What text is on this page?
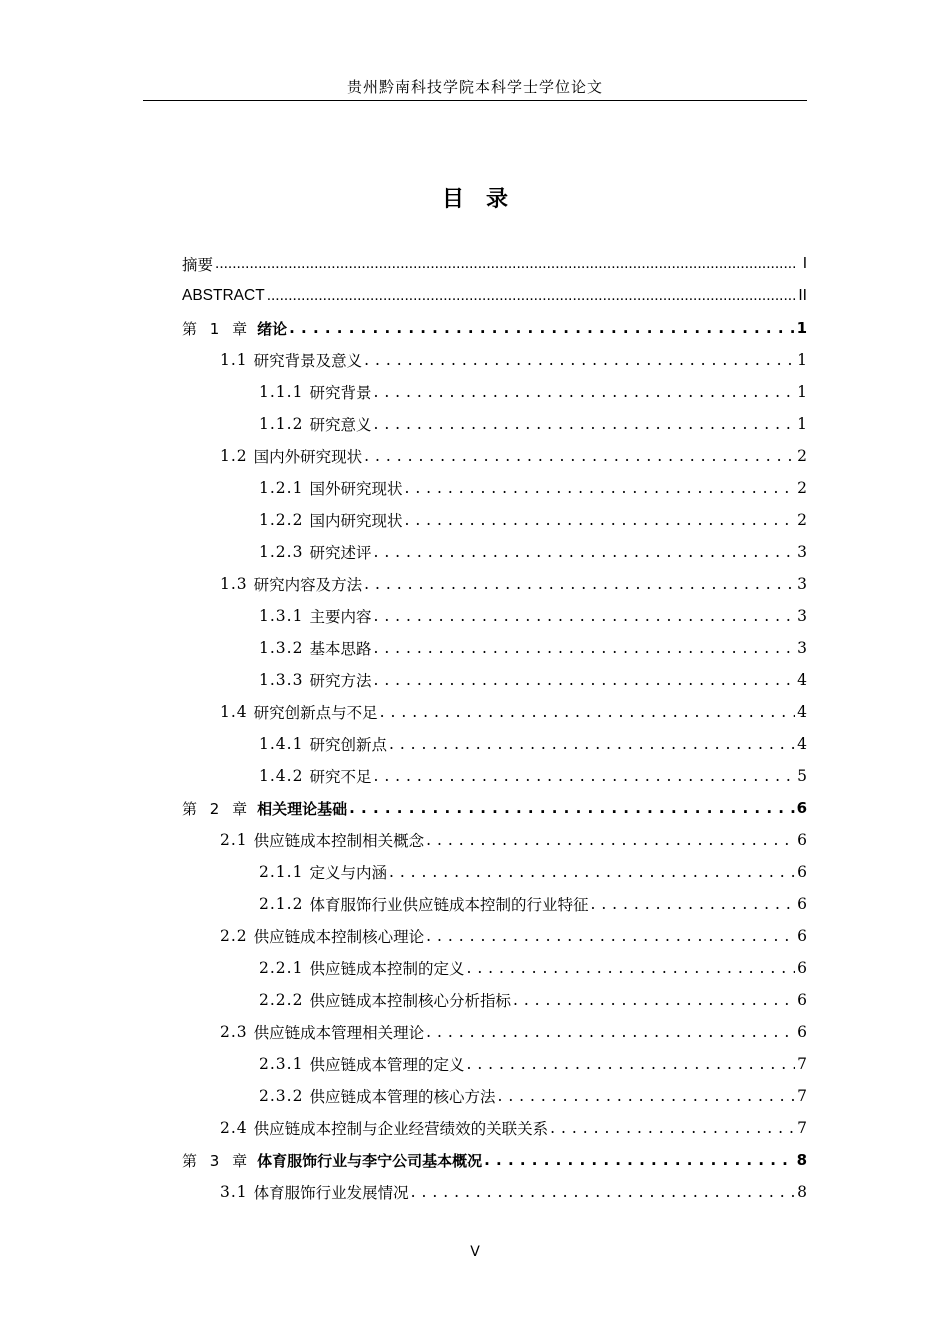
贵州黔南科技学院本科学士学位论文
目　录
摘要 .....	I
ABSTRACT .....	II
第 1 章 绪论 . . .	1
1.1 研究背景及意义 . . .	1
1.1.1 研究背景 . . .	1
1.1.2 研究意义 . . .	1
1.2 国内外研究现状 . . .	2
1.2.1 国外研究现状 . . .	2
1.2.2 国内研究现状 . . .	2
1.2.3 研究述评 . . .	3
1.3 研究内容及方法 . . .	3
1.3.1 主要内容 . . .	3
1.3.2 基本思路 . . .	3
1.3.3 研究方法 . . .	4
1.4 研究创新点与不足 . . .	4
1.4.1 研究创新点 . . .	4
1.4.2 研究不足 . . .	5
第 2 章 相关理论基础 . . .	6
2.1 供应链成本控制相关概念 . . .	6
2.1.1 定义与内涵 . . .	6
2.1.2 体育服饰行业供应链成本控制的行业特征 . . .	6
2.2 供应链成本控制核心理论 . . .	6
2.2.1 供应链成本控制的定义 . . .	6
2.2.2 供应链成本控制核心分析指标 . . .	6
2.3 供应链成本管理相关理论 . . .	6
2.3.1 供应链成本管理的定义 . . .	7
2.3.2 供应链成本管理的核心方法 . . .	7
2.4 供应链成本控制与企业经营绩效的关联关系 . . .	7
第 3 章 体育服饰行业与李宁公司基本概况 . . .	8
3.1 体育服饰行业发展情况 . . .	8
V
